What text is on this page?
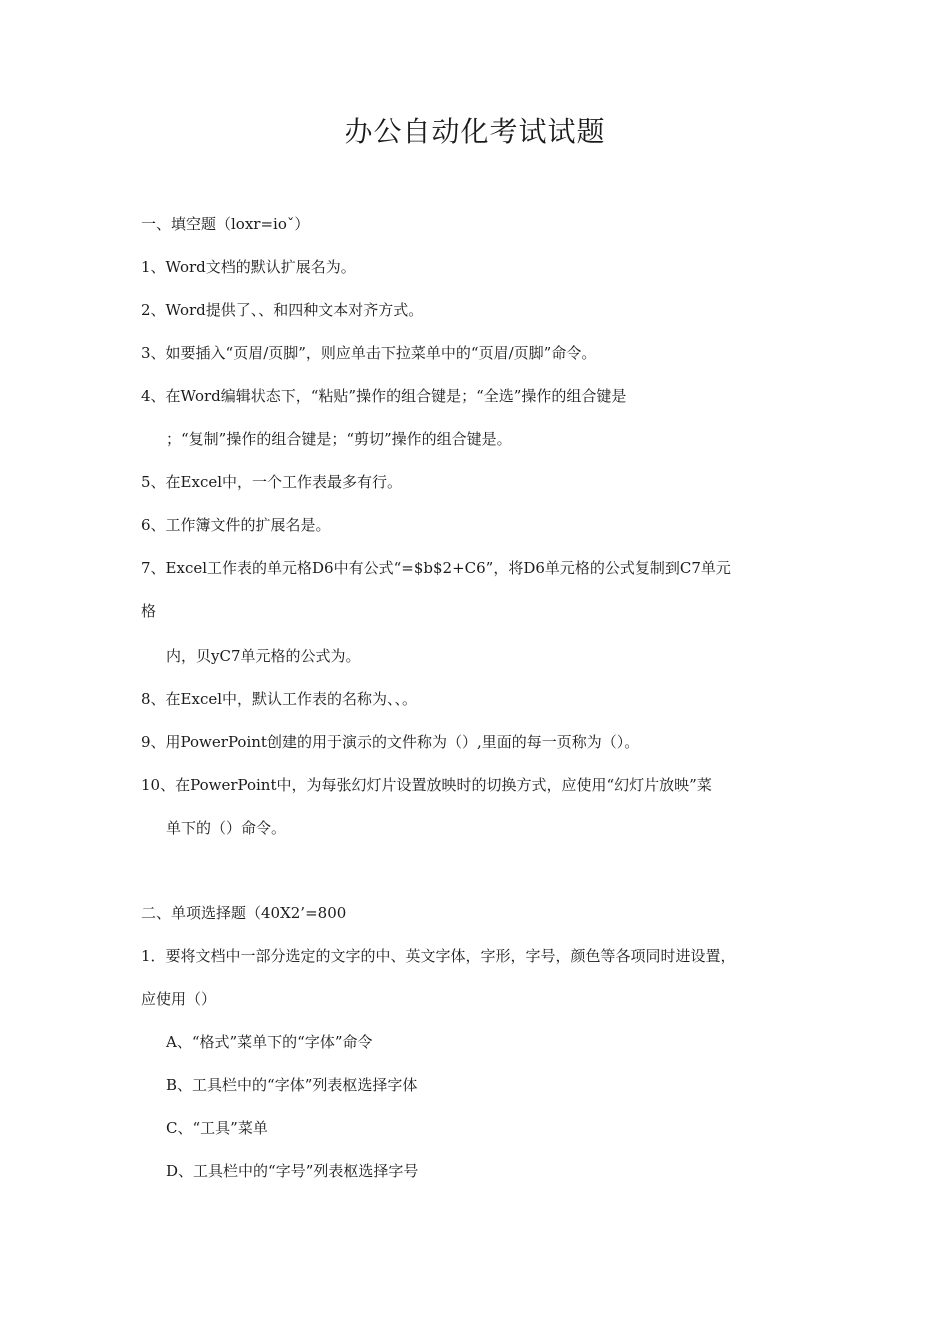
办公自动化考试试题
一、填空题（loxr=ioˇ）
1、Word文档的默认扩展名为。
2、Word提供了、、和四种文本对齐方式。
3、如要插入“页眉/页脚”，则应单击下拉菜单中的“页眉/页脚”命令。
4、在Word编辑状态下，“粘贴”操作的组合键是；“全选”操作的组合键是
；“复制”操作的组合键是；“剪切”操作的组合键是。
5、在Excel中，一个工作表最多有行。
6、工作簿文件的扩展名是。
7、Excel工作表的单元格D6中有公式“=$b$2+C6”，将D6单元格的公式复制到C7单元
格
内，贝yC7单元格的公式为。
8、在Excel中，默认工作表的名称为、、。
9、用PowerPoint创建的用于演示的文件称为（）,里面的每一页称为（）。
10、在PowerPoint中，为每张幻灯片设置放映时的切换方式，应使用“幻灯片放映”菜
单下的（）命令。
二、单项选择题（40X2’=800
1．要将文档中一部分选定的文字的中、英文字体，字形，字号，颜色等各项同时进设置，
应使用（）
A、“格式”菜单下的“字体”命令
B、工具栏中的“字体”列表枢选择字体
C、“工具”菜单
D、工具栏中的“字号”列表枢选择字号
